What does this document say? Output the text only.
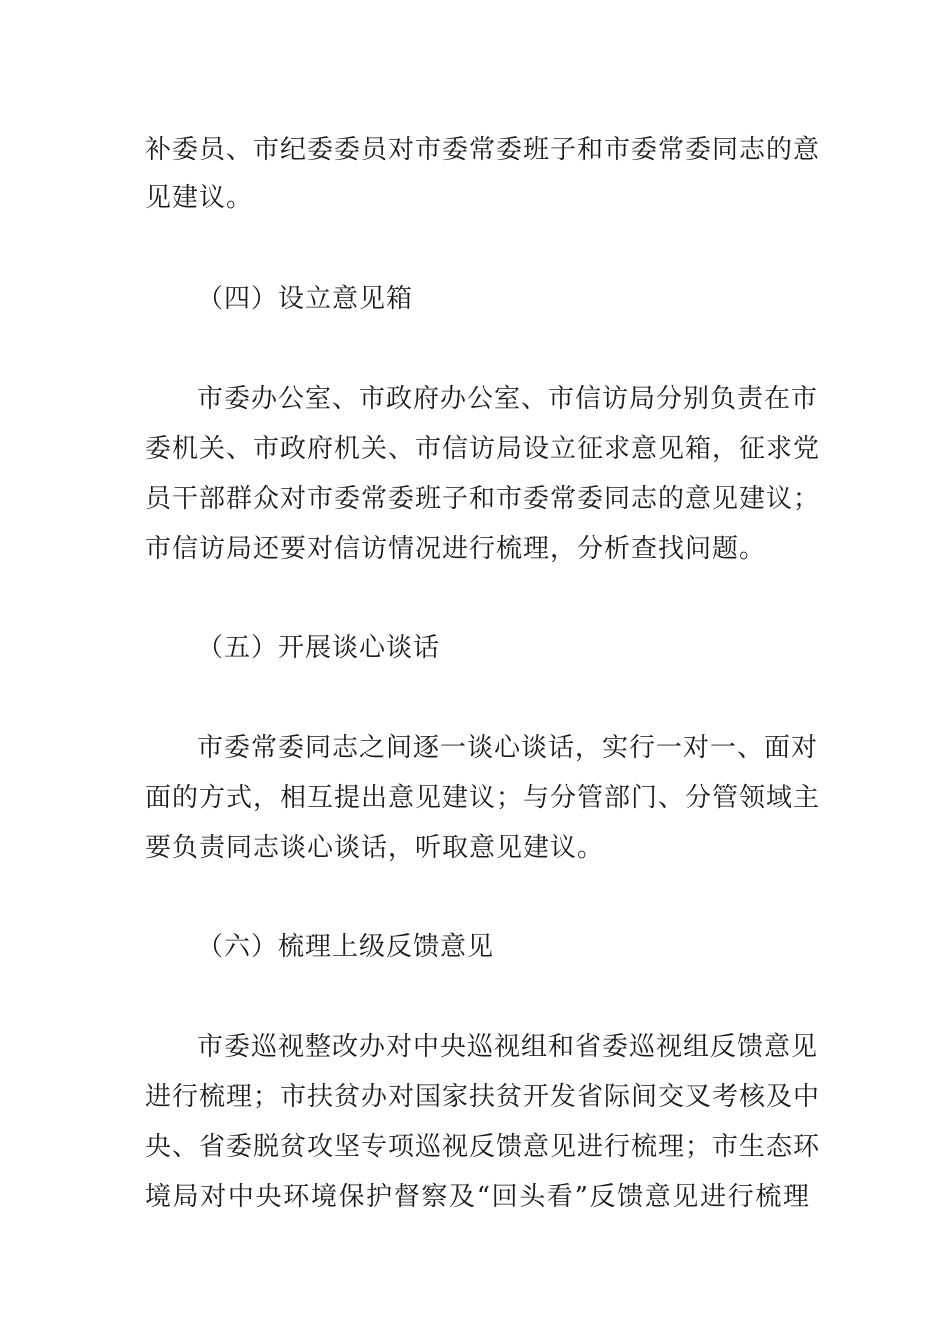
补委员、市纪委委员对市委常委班子和市委常委同志的意
见建议。
（四）设立意见箱
市委办公室、市政府办公室、市信访局分别负责在市
委机关、市政府机关、市信访局设立征求意见箱，征求党
员干部群众对市委常委班子和市委常委同志的意见建议；
市信访局还要对信访情况进行梳理，分析查找问题。
（五）开展谈心谈话
市委常委同志之间逐一谈心谈话，实行一对一、面对
面的方式，相互提出意见建议；与分管部门、分管领域主
要负责同志谈心谈话，听取意见建议。
（六）梳理上级反馈意见
市委巡视整改办对中央巡视组和省委巡视组反馈意见
进行梳理；市扶贫办对国家扶贫开发省际间交叉考核及中
央、省委脱贫攻坚专项巡视反馈意见进行梳理；市生态环
境局对中央环境保护督察及“回头看”反馈意见进行梳理
